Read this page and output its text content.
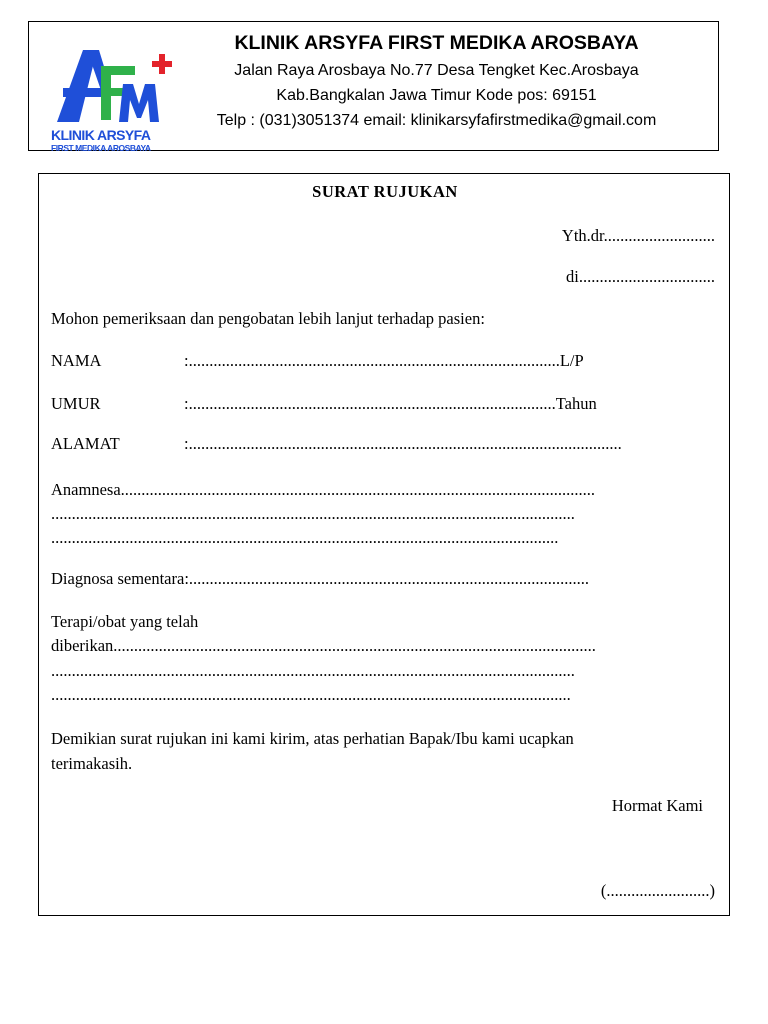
KLINIK ARSYFA
FIRST MEDIKA AROSBAYA
KLINIK ARSYFA FIRST MEDIKA AROSBAYA
Jalan Raya Arosbaya No.77 Desa Tengket Kec.Arosbaya
Kab.Bangkalan Jawa Timur Kode pos: 69151
Telp : (031)3051374 email: klinikarsyfafirstmedika@gmail.com
SURAT RUJUKAN
Yth.dr...........................
di.................................
Mohon pemeriksaan dan pengobatan lebih lanjut terhadap pasien:
NAMA	:..........................................................................................L/P
UMUR	:.........................................................................................Tahun
ALAMAT	:.........................................................................................................
Anamnesa...................................................................................................................
...............................................................................................................................
...........................................................................................................................
Diagnosa sementara:.................................................................................................
Terapi/obat yang telah
diberikan.....................................................................................................................
...............................................................................................................................
..............................................................................................................................
Demikian surat rujukan ini kami kirim, atas perhatian Bapak/Ibu kami ucapkan
terimakasih.
Hormat Kami
(.........................)
